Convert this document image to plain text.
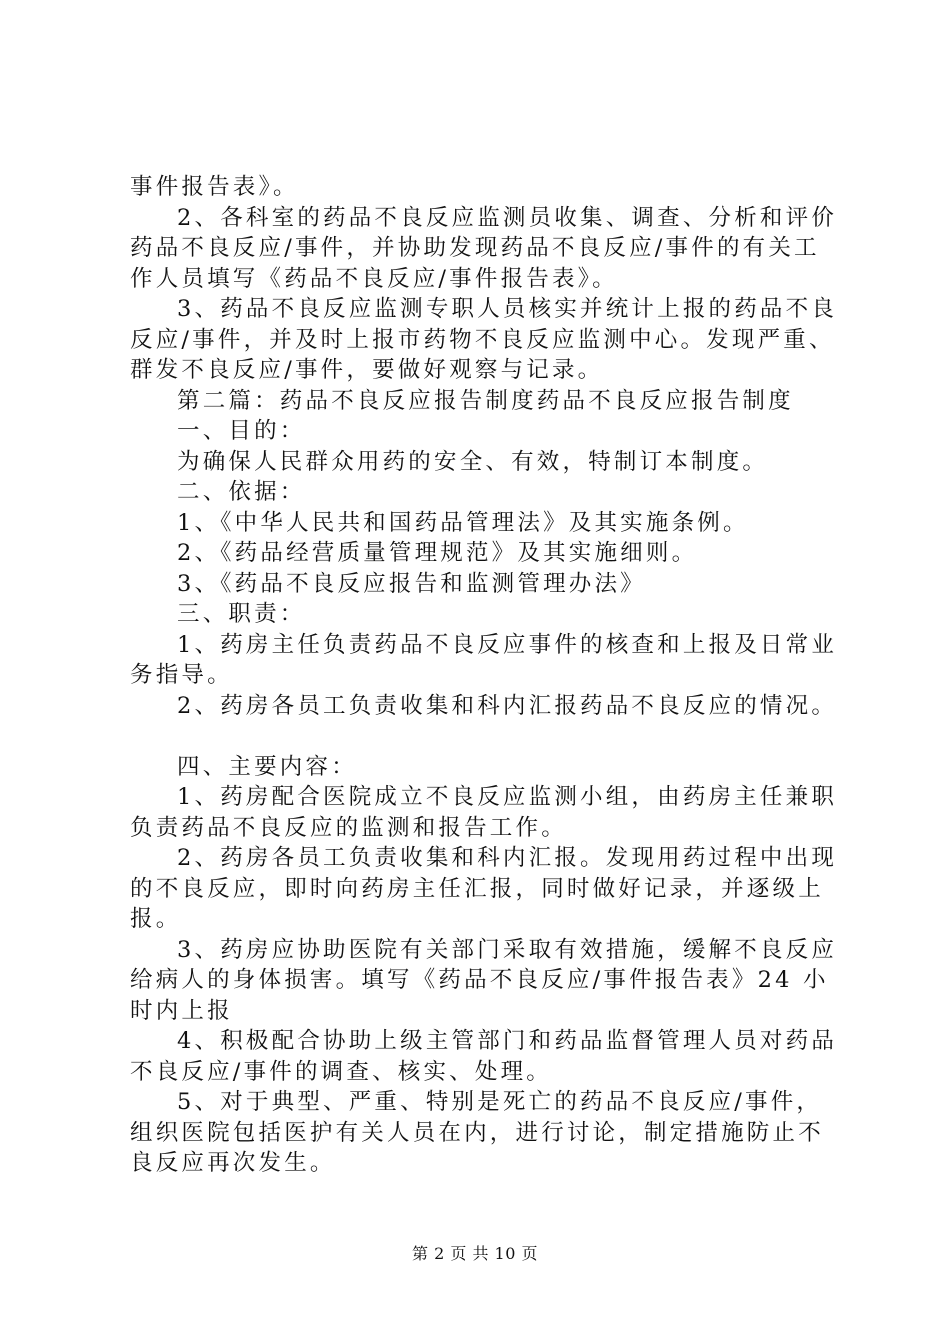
事件报告表》。
2、各科室的药品不良反应监测员收集、调查、分析和评价
药品不良反应/事件，并协助发现药品不良反应/事件的有关工
作人员填写《药品不良反应/事件报告表》。
3、药品不良反应监测专职人员核实并统计上报的药品不良
反应/事件，并及时上报市药物不良反应监测中心。发现严重、
群发不良反应/事件，要做好观察与记录。
第二篇：药品不良反应报告制度药品不良反应报告制度
一、目的：
为确保人民群众用药的安全、有效，特制订本制度。
二、依据：
1、《中华人民共和国药品管理法》及其实施条例。
2、《药品经营质量管理规范》及其实施细则。
3、《药品不良反应报告和监测管理办法》
三、职责：
1、药房主任负责药品不良反应事件的核查和上报及日常业
务指导。
2、药房各员工负责收集和科内汇报药品不良反应的情况。
四、主要内容：
1、药房配合医院成立不良反应监测小组，由药房主任兼职
负责药品不良反应的监测和报告工作。
2、药房各员工负责收集和科内汇报。发现用药过程中出现
的不良反应，即时向药房主任汇报，同时做好记录，并逐级上
报。
3、药房应协助医院有关部门采取有效措施，缓解不良反应
给病人的身体损害。填写《药品不良反应/事件报告表》24 小
时内上报
4、积极配合协助上级主管部门和药品监督管理人员对药品
不良反应/事件的调查、核实、处理。
5、对于典型、严重、特别是死亡的药品不良反应/事件，
组织医院包括医护有关人员在内，进行讨论，制定措施防止不
良反应再次发生。
第 2 页 共 10 页
